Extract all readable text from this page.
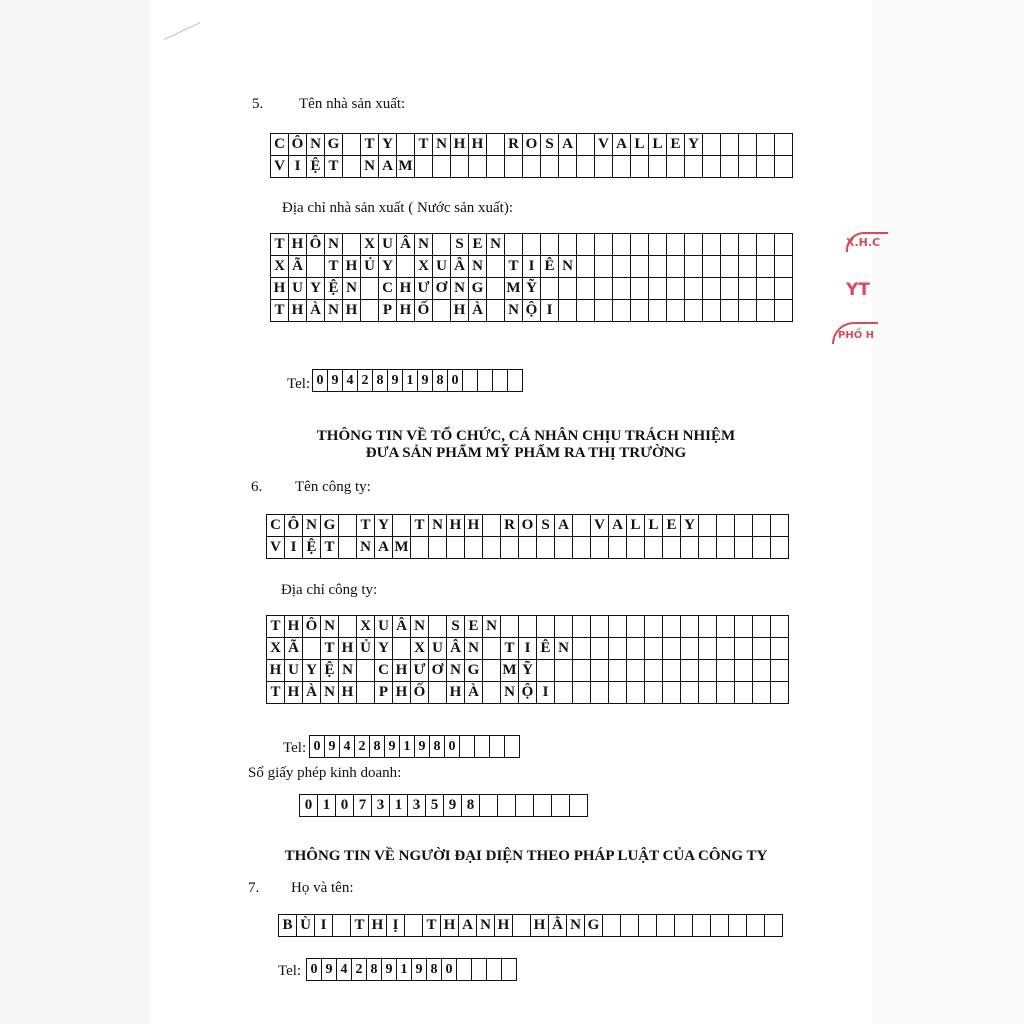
5. Tên nhà sản xuất:
C	Ô	N	G		T	Y		T	N	H	H		R	O	S	A		V	A	L	L	E	Y					
V	I	Ệ	T		N	A	M																					
Địa chỉ nhà sản xuất ( Nước sản xuất):
T	H	Ô	N		X	U	Â	N		S	E	N																
X	Ã		T	H	Ủ	Y		X	U	Â	N		T	I	Ê	N												
H	U	Y	Ệ	N		C	H	Ư	Ơ	N	G		M	Ỹ														
T	H	À	N	H		P	H	Ố		H	À		N	Ộ	I													
Tel: 0	9	4	2	8	9	1	9	8	0				
THÔNG TIN VỀ TỔ CHỨC, CÁ NHÂN CHỊU TRÁCH NHIỆM
ĐƯA SẢN PHẨM MỸ PHẨM RA THỊ TRƯỜNG
6. Tên công ty:
C	Ô	N	G		T	Y		T	N	H	H		R	O	S	A		V	A	L	L	E	Y					
V	I	Ệ	T		N	A	M																					
Địa chỉ công ty:
T	H	Ô	N		X	U	Â	N		S	E	N																
X	Ã		T	H	Ủ	Y		X	U	Â	N		T	I	Ê	N												
H	U	Y	Ệ	N		C	H	Ư	Ơ	N	G		M	Ỹ														
T	H	À	N	H		P	H	Ố		H	À		N	Ộ	I													
Tel: 0	9	4	2	8	9	1	9	8	0				
Số giấy phép kinh doanh:
0	1	0	7	3	1	3	5	9	8						
THÔNG TIN VỀ NGƯỜI ĐẠI DIỆN THEO PHÁP LUẬT CỦA CÔNG TY
7. Họ và tên:
B	Ù	I		T	H	Ị		T	H	A	N	H		H	Ằ	N	G										
Tel: 0	9	4	2	8	9	1	9	8	0				
X.H.C
YT
PHỐ H
